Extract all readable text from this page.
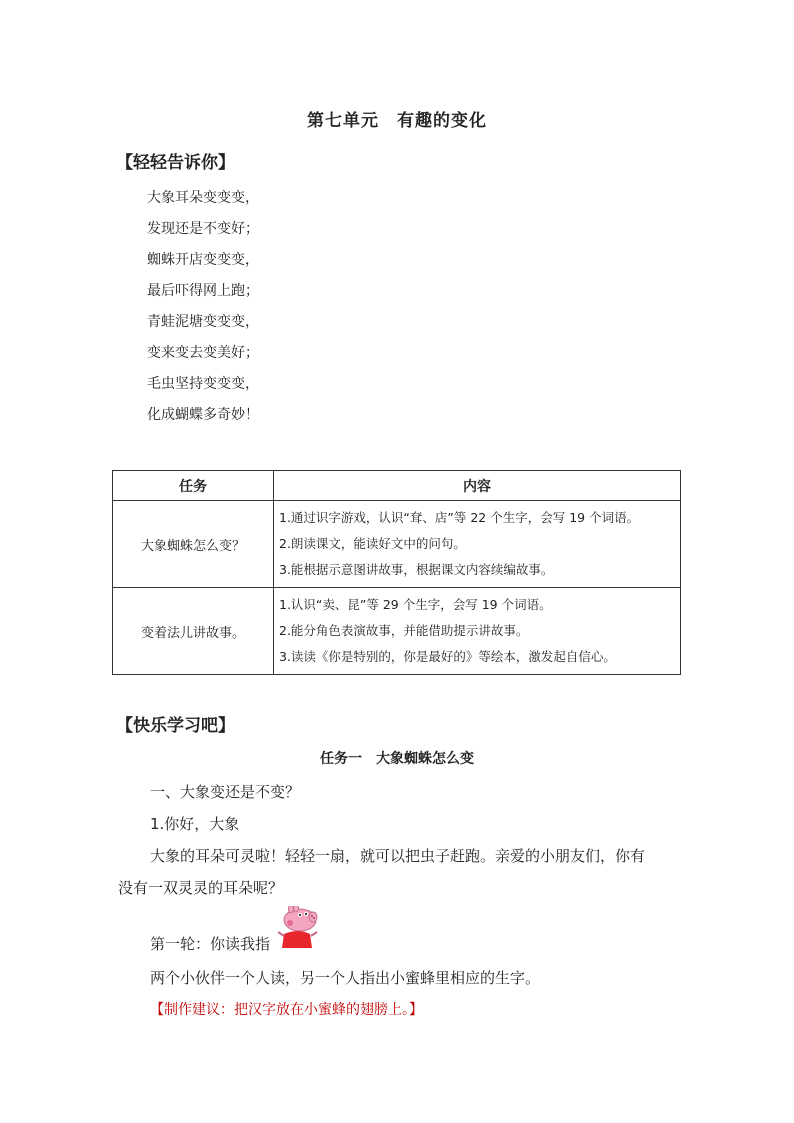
第七单元　有趣的变化
【轻轻告诉你】
大象耳朵变变变，
发现还是不变好；
蜘蛛开店变变变，
最后吓得网上跑；
青蛙泥塘变变变，
变来变去变美好；
毛虫坚持变变变，
化成蝴蝶多奇妙！
任务	内容
大象蜘蛛怎么变？	1.通过识字游戏，认识“耷、店”等 22 个生字，会写 19 个词语。
2.朗读课文，能读好文中的问句。
3.能根据示意图讲故事，根据课文内容续编故事。

变着法儿讲故事。	1.认识“卖、昆”等 29 个生字，会写 19 个词语。
2.能分角色表演故事，并能借助提示讲故事。
3.读读《你是特别的，你是最好的》等绘本，激发起自信心。
【快乐学习吧】
任务一　大象蜘蛛怎么变
一、大象变还是不变？
1.你好，大象
大象的耳朵可灵啦！轻轻一扇，就可以把虫子赶跑。亲爱的小朋友们，你有
没有一双灵灵的耳朵呢？
第一轮：你读我指
两个小伙伴一个人读，另一个人指出小蜜蜂里相应的生字。
【制作建议：把汉字放在小蜜蜂的翅膀上。】
